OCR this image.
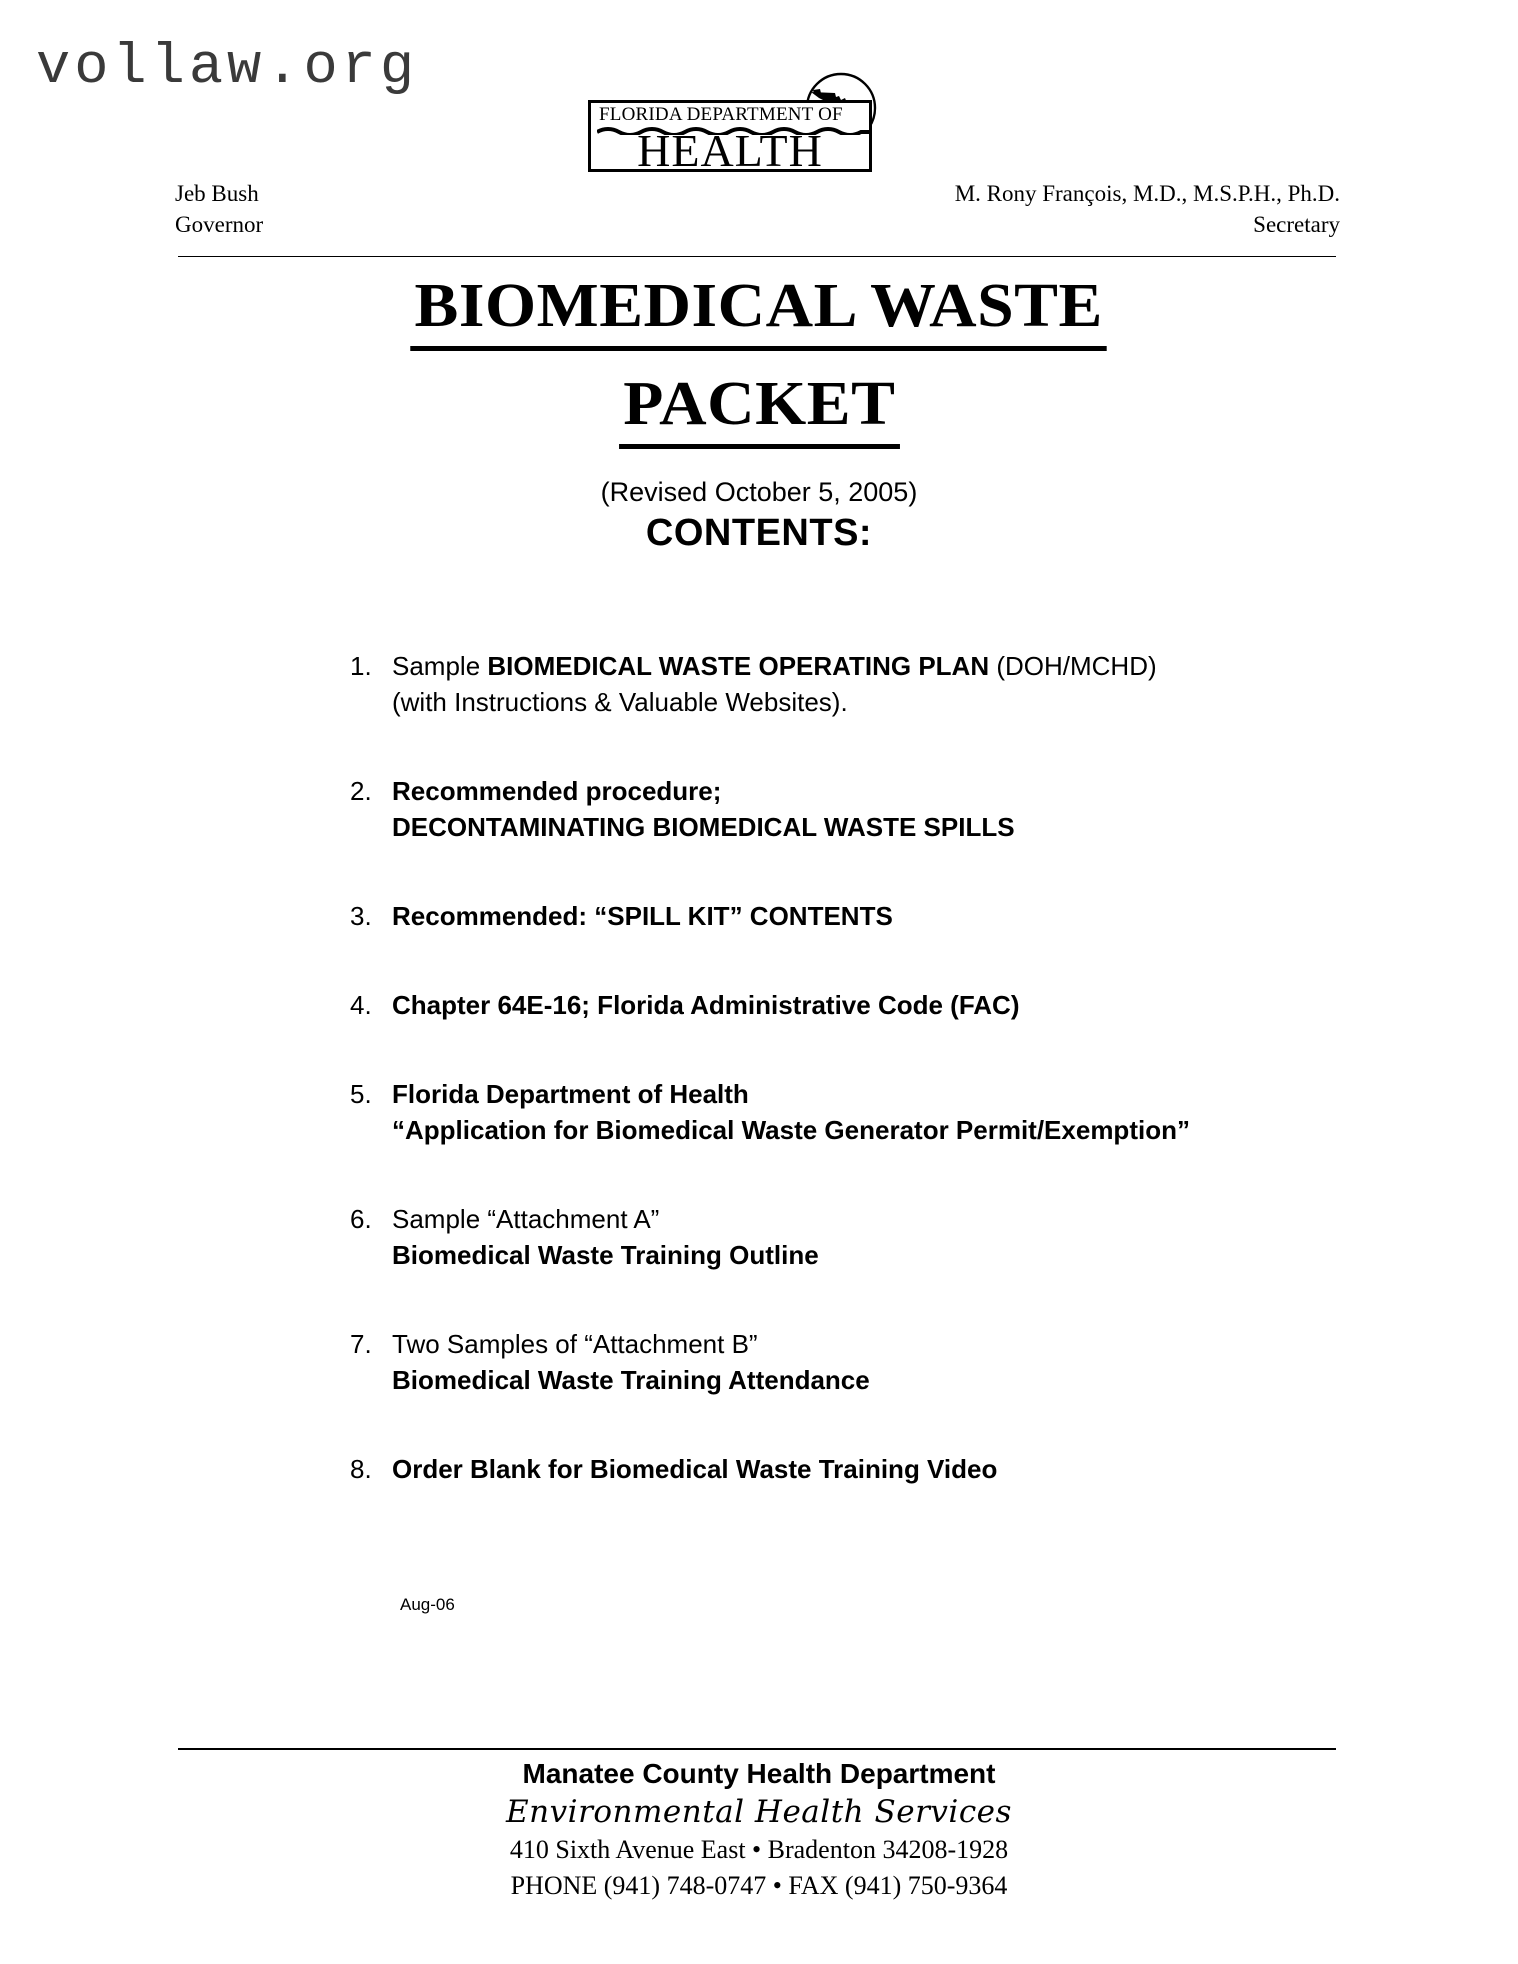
vollaw.org
FLORIDA DEPARTMENT OF
HEALTH
Jeb Bush
Governor
M. Rony François, M.D., M.S.P.H., Ph.D.
Secretary
BIOMEDICAL WASTE
PACKET
(Revised October 5, 2005)
CONTENTS:
1. Sample BIOMEDICAL WASTE OPERATING PLAN (DOH/MCHD)
(with Instructions & Valuable Websites).
2. Recommended procedure;
DECONTAMINATING BIOMEDICAL WASTE SPILLS
3. Recommended: “SPILL KIT” CONTENTS
4. Chapter 64E-16; Florida Administrative Code (FAC)
5. Florida Department of Health
“Application for Biomedical Waste Generator Permit/Exemption”
6. Sample “Attachment A”
Biomedical Waste Training Outline
7. Two Samples of “Attachment B”
Biomedical Waste Training Attendance
8. Order Blank for Biomedical Waste Training Video
Aug-06
Manatee County Health Department
Environmental Health Services
410 Sixth Avenue East • Bradenton 34208-1928
PHONE (941) 748-0747 • FAX (941) 750-9364
